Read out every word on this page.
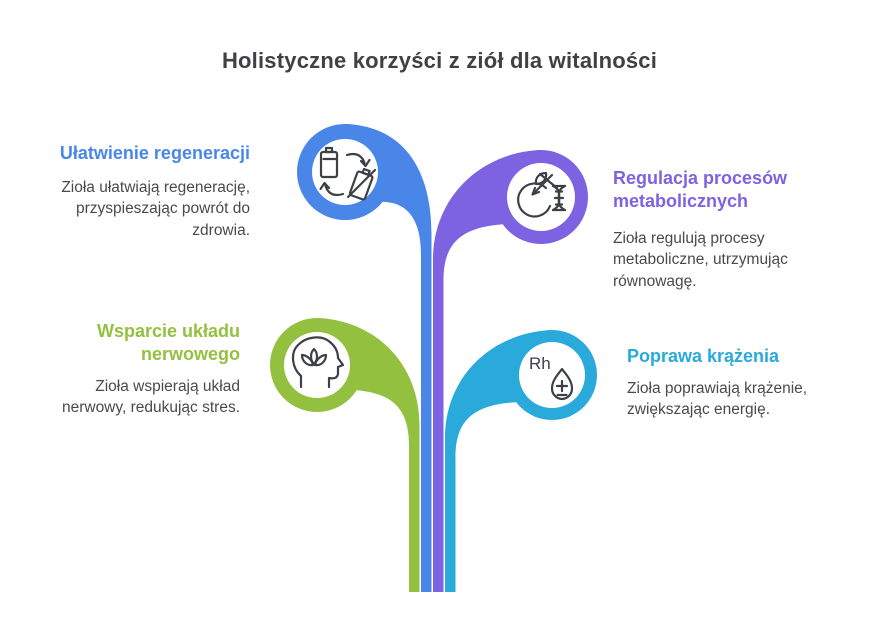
Holistyczne korzyści z ziół dla witalności
Rh

Ułatwienie regeneracji

Zioła ułatwiają regenerację, przyspieszając powrót do zdrowia.

Regulacja procesów metabolicznych

Zioła regulują procesy metaboliczne, utrzymując równowagę.

Wsparcie układu nerwowego

Zioła wspierają układ nerwowy, redukując stres.

Poprawa krążenia

Zioła poprawiają krążenie, zwiększając energię.
